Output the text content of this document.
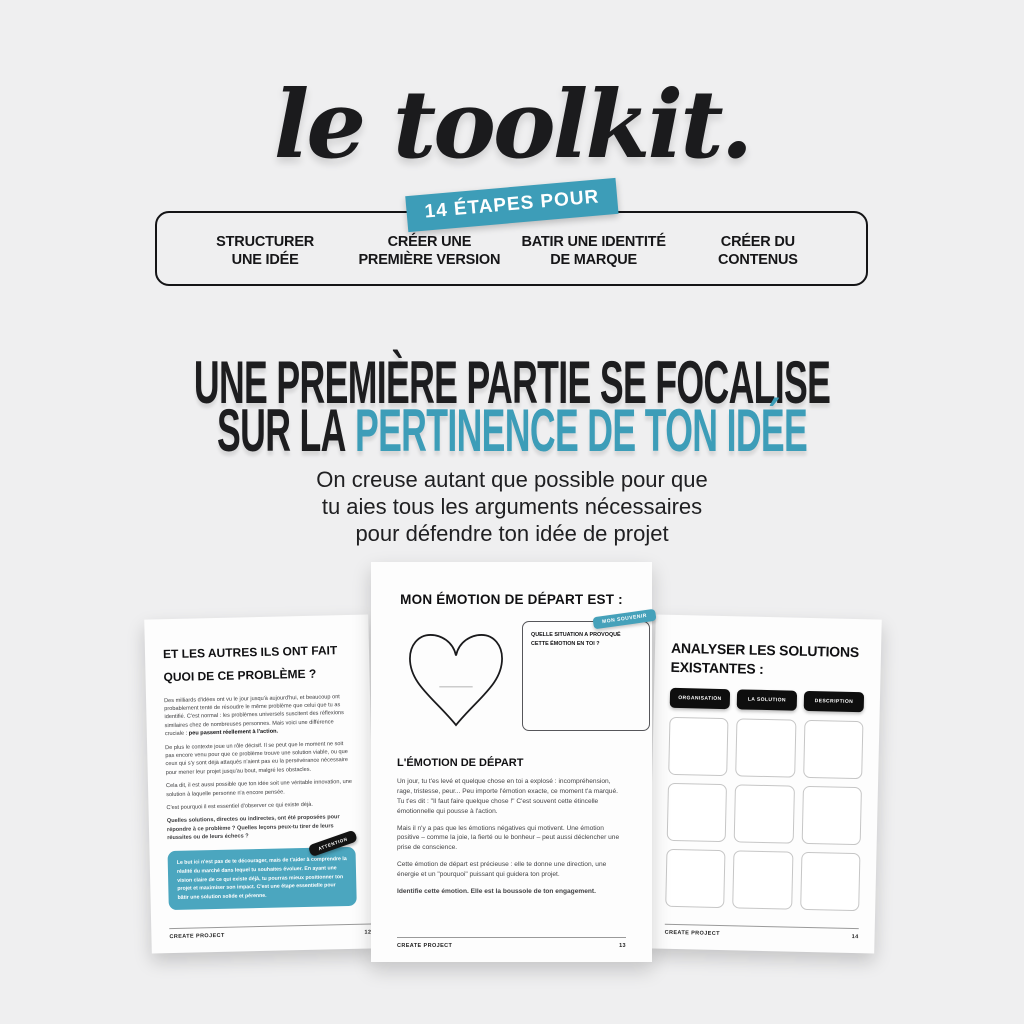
le toolkit.
14 ÉTAPES POUR
STRUCTURER
UNE IDÉE
CRÉER UNE
PREMIÈRE VERSION
BATIR UNE IDENTITÉ
DE MARQUE
CRÉER DU
CONTENUS
UNE PREMIÈRE PARTIE SE FOCALISE
SUR LA PERTINENCE DE TON IDÉE
On creuse autant que possible pour que
tu aies tous les arguments nécessaires
pour défendre ton idée de projet
ET LES AUTRES ILS ONT FAIT
QUOI DE CE PROBLÈME ?

Des milliards d'idées ont vu le jour jusqu'à aujourd'hui, et beaucoup ont probablement tenté de résoudre le même problème que celui que tu as identifié. C'est normal : les problèmes universels suscitent des réflexions similaires chez de nombreuses personnes. Mais voici une différence cruciale : peu passent réellement à l'action.

De plus le contexte joue un rôle décisif. Il se peut que le moment ne soit pas encore venu pour que ce problème trouve une solution viable, ou que ceux qui s'y sont déjà attaqués n'aient pas eu la persévérance nécessaire pour mener leur projet jusqu'au bout, malgré les obstacles.

Cela dit, il est aussi possible que ton idée soit une véritable innovation, une solution à laquelle personne n'a encore pensée.

C'est pourquoi il est essentiel d'observer ce qui existe déjà.

Quelles solutions, directes ou indirectes, ont été proposées pour répondre à ce problème ? Quelles leçons peux-tu tirer de leurs réussites ou de leurs échecs ?	ATTENTION
Le but ici n'est pas de te décourager, mais de t'aider à comprendre la réalité du marché dans lequel tu souhaites évoluer. En ayant une vision claire de ce qui existe déjà, tu pourras mieux positionner ton projet et maximiser son impact. C'est une étape essentielle pour bâtir une solution solide et pérenne.
CREATE PROJECT
12
MON ÉMOTION DE DÉPART EST :
MON SOUVENIR
QUELLE SITUATION A PROVOQUÉ
CETTE ÉMOTION EN TOI ?
L'ÉMOTION DE DÉPART

Un jour, tu t'es levé et quelque chose en toi a explosé : incompréhension, rage, tristesse, peur... Peu importe l'émotion exacte, ce moment t'a marqué. Tu t'es dit : "Il faut faire quelque chose !" C'est souvent cette étincelle émotionnelle qui pousse à l'action.

Mais il n'y a pas que les émotions négatives qui motivent. Une émotion positive – comme la joie, la fierté ou le bonheur – peut aussi déclencher une prise de conscience.

Cette émotion de départ est précieuse : elle te donne une direction, une énergie et un "pourquoi" puissant qui guidera ton projet.

Identifie cette émotion. Elle est la boussole de ton engagement.

CREATE PROJECT	13
ANALYSER LES SOLUTIONS
EXISTANTES :
ORGANISATION	LA SOLUTION	DESCRIPTION
CREATE PROJECT
14
